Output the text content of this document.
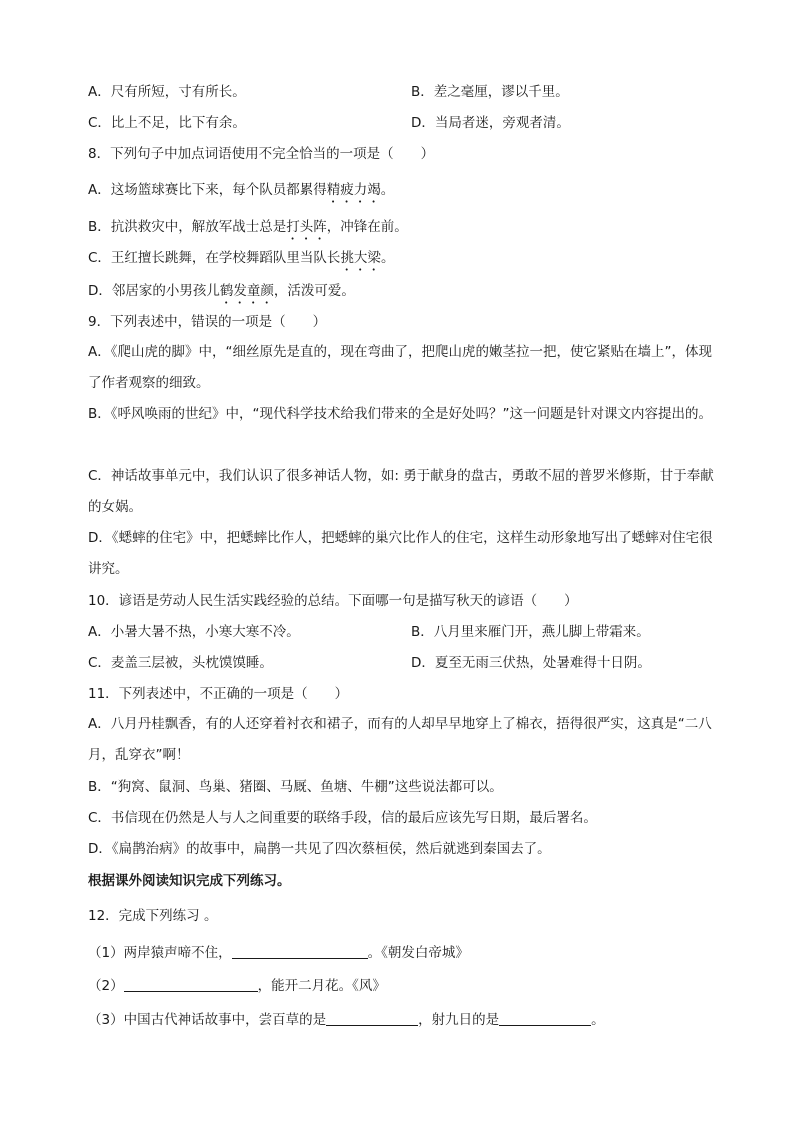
A．尺有所短，寸有所长。	B．差之毫厘，谬以千里。
C．比上不足，比下有余。	D．当局者迷，旁观者清。
8．下列句子中加点词语使用不完全恰当的一项是（　　）
A．这场篮球赛比下来，每个队员都累得精疲力竭。
B．抗洪救灾中，解放军战士总是打头阵，冲锋在前。
C．王红擅长跳舞，在学校舞蹈队里当队长挑大梁。
D．邻居家的小男孩儿鹤发童颜，活泼可爱。
9．下列表述中，错误的一项是（　　）
A．《爬山虎的脚》中，“细丝原先是直的，现在弯曲了，把爬山虎的嫩茎拉一把，使它紧贴在墙上”，体现了作者观察的细致。
B．《呼风唤雨的世纪》中，“现代科学技术给我们带来的全是好处吗？”这一问题是针对课文内容提出的。
C．神话故事单元中，我们认识了很多神话人物，如: 勇于献身的盘古，勇敢不屈的普罗米修斯，甘于奉献的女娲。
D．《蟋蟀的住宅》中，把蟋蟀比作人，把蟋蟀的巢穴比作人的住宅，这样生动形象地写出了蟋蟀对住宅很讲究。
10．谚语是劳动人民生活实践经验的总结。下面哪一句是描写秋天的谚语（　　）
A．小暑大暑不热，小寒大寒不冷。	B．八月里来雁门开，燕儿脚上带霜来。
C．麦盖三层被，头枕馍馍睡。	D．夏至无雨三伏热，处暑难得十日阴。
11．下列表述中，不正确的一项是（　　）
A．八月丹桂飘香，有的人还穿着衬衣和裙子，而有的人却早早地穿上了棉衣，捂得很严实，这真是“二八月，乱穿衣”啊！
B．“狗窝、鼠洞、鸟巢、猪圈、马厩、鱼塘、牛棚”这些说法都可以。
C．书信现在仍然是人与人之间重要的联络手段，信的最后应该先写日期，最后署名。
D．《扁鹊治病》的故事中，扁鹊一共见了四次蔡桓侯，然后就逃到秦国去了。
根据课外阅读知识完成下列练习。
12．完成下列练习 。
（1）两岸猿声啼不住，	。《朝发白帝城》
（2）	，能开二月花。《风》
（3）中国古代神话故事中，尝百草的是	，射九日的是	。
